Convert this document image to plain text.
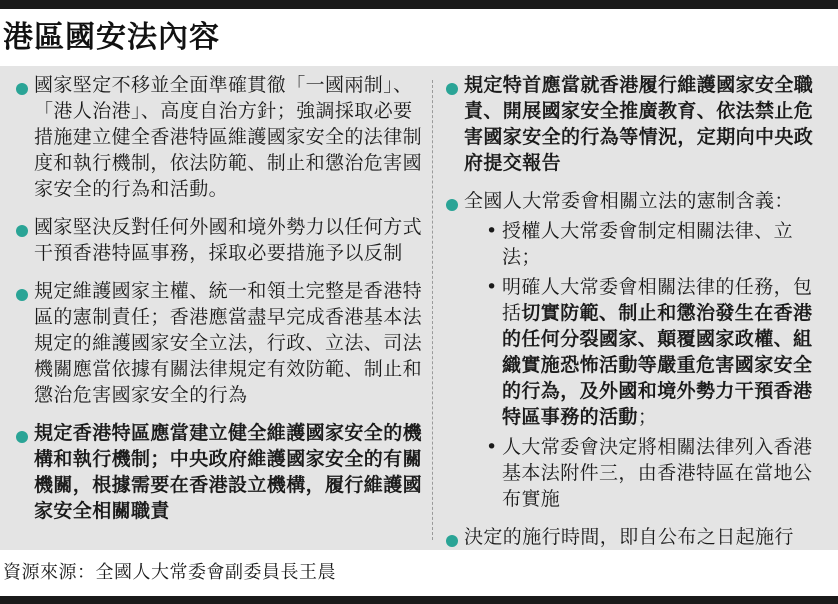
港區國安法內容
國家堅定不移並全面準確貫徹「一國兩制」、「港人治港」、高度自治方針；強調採取必要措施建立健全香港特區維護國家安全的法律制度和執行機制，依法防範、制止和懲治危害國家安全的行為和活動。
國家堅決反對任何外國和境外勢力以任何方式干預香港特區事務，採取必要措施予以反制
規定維護國家主權、統一和領土完整是香港特區的憲制責任；香港應當盡早完成香港基本法規定的維護國家安全立法，行政、立法、司法機關應當依據有關法律規定有效防範、制止和懲治危害國家安全的行為
規定香港特區應當建立健全維護國家安全的機構和執行機制；中央政府維護國家安全的有關機關，根據需要在香港設立機構，履行維護國家安全相關職責
規定特首應當就香港履行維護國家安全職責、開展國家安全推廣教育、依法禁止危害國家安全的行為等情況，定期向中央政府提交報告
全國人大常委會相關立法的憲制含義：
• 授權人大常委會制定相關法律、立法；
• 明確人大常委會相關法律的任務，包括切實防範、制止和懲治發生在香港的任何分裂國家、顛覆國家政權、組織實施恐怖活動等嚴重危害國家安全的行為，及外國和境外勢力干預香港特區事務的活動；
• 人大常委會決定將相關法律列入香港基本法附件三，由香港特區在當地公布實施
決定的施行時間，即自公布之日起施行
資源來源：全國人大常委會副委員長王晨
